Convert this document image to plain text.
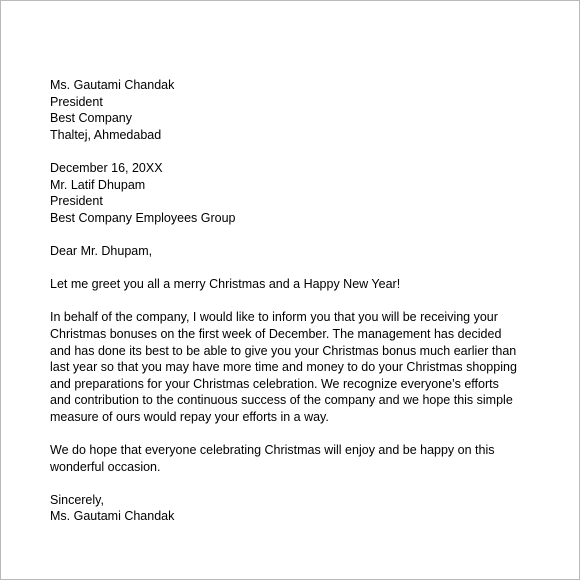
Ms. Gautami Chandak
President
Best Company
Thaltej, Ahmedabad
December 16, 20XX
Mr. Latif Dhupam
President
Best Company Employees Group
Dear Mr. Dhupam,
Let me greet you all a merry Christmas and a Happy New Year!
In behalf of the company, I would like to inform you that you will be receiving your
Christmas bonuses on the first week of December. The management has decided
and has done its best to be able to give you your Christmas bonus much earlier than
last year so that you may have more time and money to do your Christmas shopping
and preparations for your Christmas celebration. We recognize everyone’s efforts
and contribution to the continuous success of the company and we hope this simple
measure of ours would repay your efforts in a way.
We do hope that everyone celebrating Christmas will enjoy and be happy on this
wonderful occasion.
Sincerely,
Ms. Gautami Chandak
